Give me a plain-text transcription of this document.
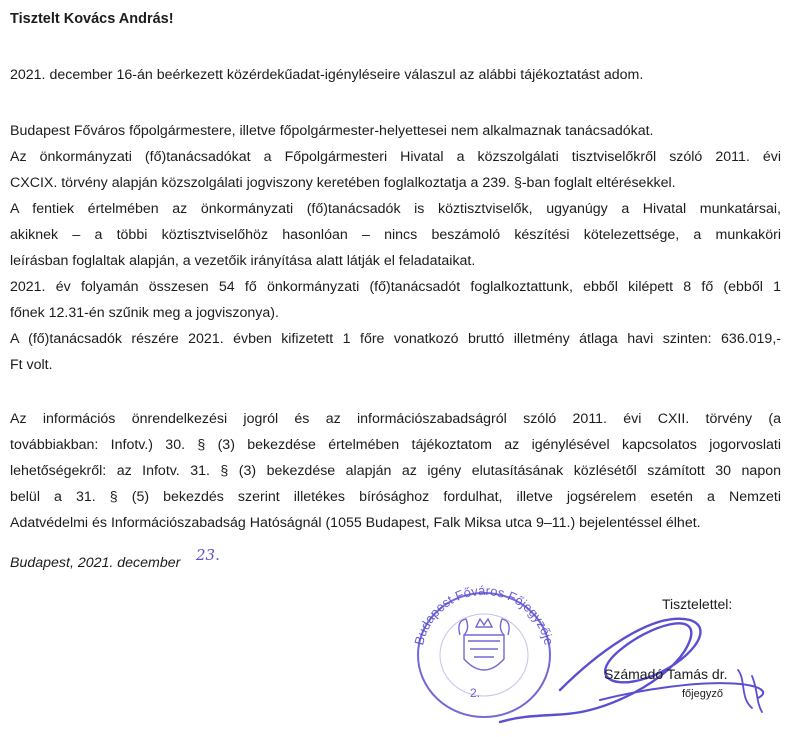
Tisztelt Kovács András!
2021. december 16-án beérkezett közérdekűadat-igényléseire válaszul az alábbi tájékoztatást adom.
Budapest Főváros főpolgármestere, illetve főpolgármester-helyettesei nem alkalmaznak tanácsadókat.
Az önkormányzati (fő)tanácsadókat a Főpolgármesteri Hivatal a közszolgálati tisztviselőkről szóló 2011. évi
CXCIX. törvény alapján közszolgálati jogviszony keretében foglalkoztatja a 239. §-ban foglalt eltérésekkel.
A fentiek értelmében az önkormányzati (fő)tanácsadók is köztisztviselők, ugyanúgy a Hivatal munkatársai,
akiknek – a többi köztisztviselőhöz hasonlóan – nincs beszámoló készítési kötelezettsége, a munkaköri
leírásban foglaltak alapján, a vezetőik irányítása alatt látják el feladataikat.
2021. év folyamán összesen 54 fő önkormányzati (fő)tanácsadót foglalkoztattunk, ebből kilépett 8 fő (ebből 1
főnek 12.31-én szűnik meg a jogviszonya).
A (fő)tanácsadók részére 2021. évben kifizetett 1 főre vonatkozó bruttó illetmény átlaga havi szinten: 636.019,-
Ft volt.
Az információs önrendelkezési jogról és az információszabadságról szóló 2011. évi CXII. törvény (a
továbbiakban: Infotv.) 30. § (3) bekezdése értelmében tájékoztatom az igénylésével kapcsolatos jogorvoslati
lehetőségekről: az Infotv. 31. § (3) bekezdése alapján az igény elutasításának közlésétől számított 30 napon
belül a 31. § (5) bekezdés szerint illetékes bírósághoz fordulhat, illetve jogsérelem esetén a Nemzeti
Adatvédelmi és Információszabadság Hatóságnál (1055 Budapest, Falk Miksa utca 9–11.) bejelentéssel élhet.
Budapest, 2021. december 23.
Budapest Főváros Főjegyzője
2.
Tisztelettel:
Számadó Tamás dr.
főjegyző
